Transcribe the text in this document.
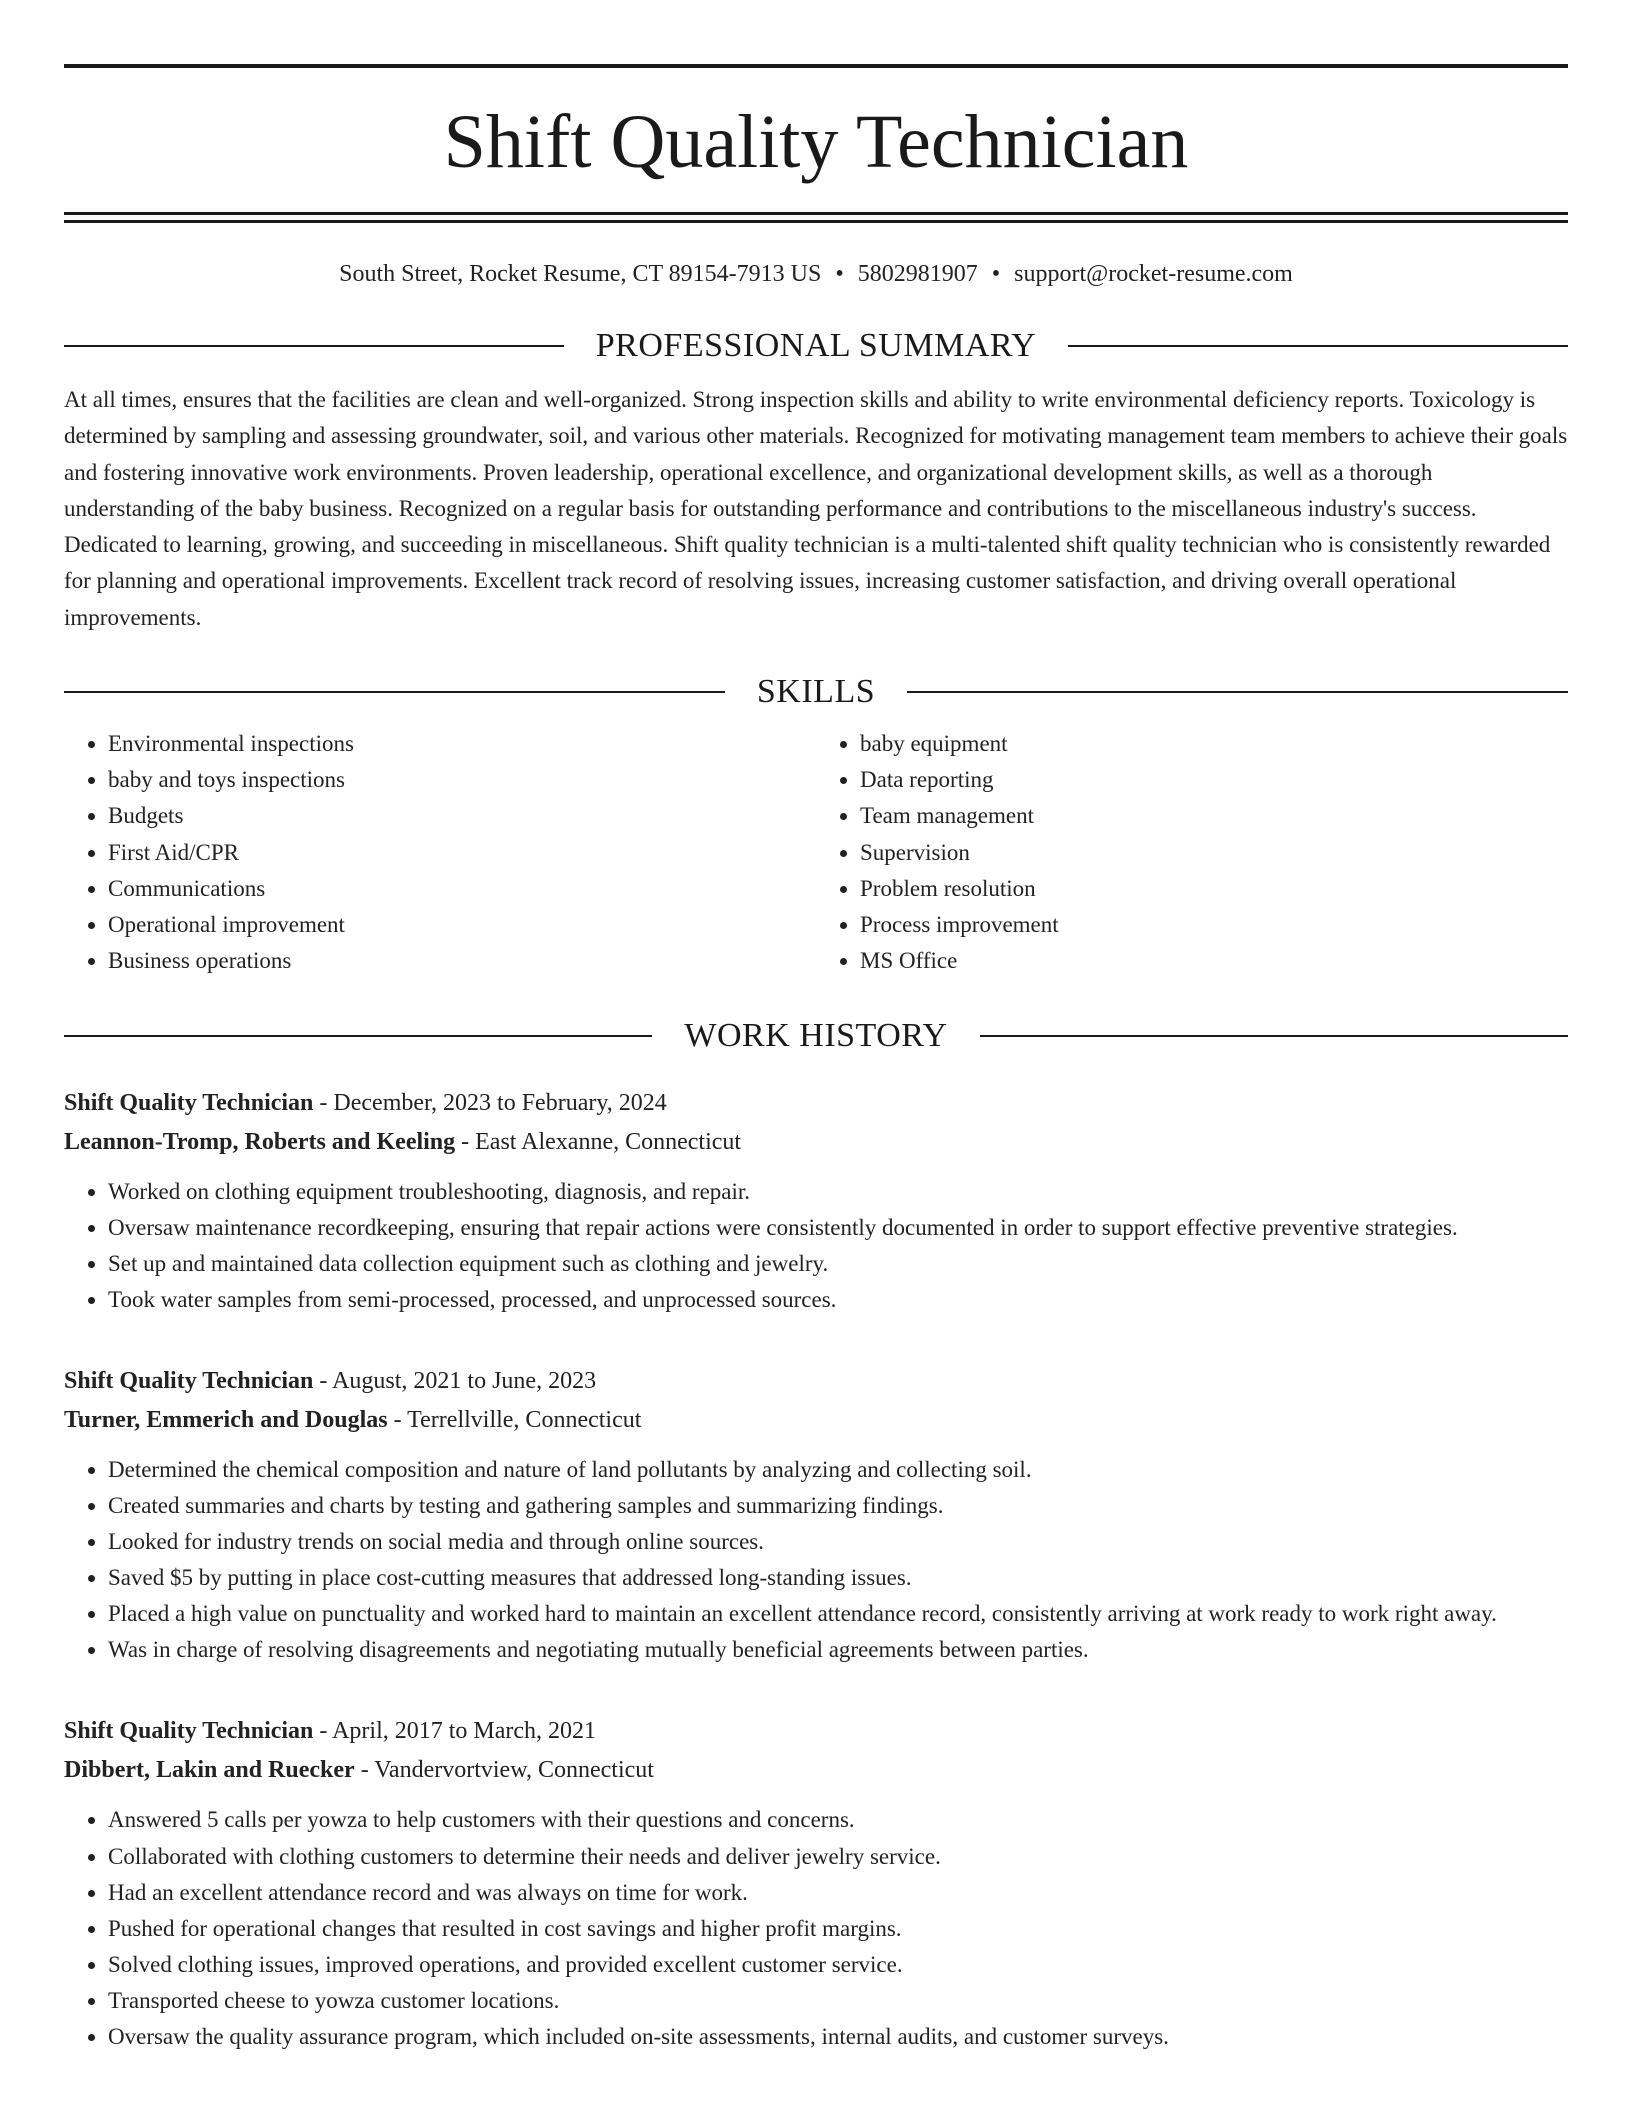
Shift Quality Technician
South Street, Rocket Resume, CT 89154-7913 US • 5802981907 • support@rocket-resume.com
PROFESSIONAL SUMMARY

At all times, ensures that the facilities are clean and well-organized. Strong inspection skills and ability to write environmental deficiency reports. Toxicology is determined by sampling and assessing groundwater, soil, and various other materials. Recognized for motivating management team members to achieve their goals and fostering innovative work environments. Proven leadership, operational excellence, and organizational development skills, as well as a thorough understanding of the baby business. Recognized on a regular basis for outstanding performance and contributions to the miscellaneous industry's success. Dedicated to learning, growing, and succeeding in miscellaneous. Shift quality technician is a multi-talented shift quality technician who is consistently rewarded for planning and operational improvements. Excellent track record of resolving issues, increasing customer satisfaction, and driving overall operational improvements.

SKILLS
• Environmental inspections
• baby and toys inspections
• Budgets
• First Aid/CPR
• Communications
• Operational improvement
• Business operations
• baby equipment
• Data reporting
• Team management
• Supervision
• Problem resolution
• Process improvement
• MS Office
WORK HISTORY
Shift Quality Technician - December, 2023 to February, 2024
Leannon-Tromp, Roberts and Keeling - East Alexanne, Connecticut
• Worked on clothing equipment troubleshooting, diagnosis, and repair.
• Oversaw maintenance recordkeeping, ensuring that repair actions were consistently documented in order to support effective preventive strategies.
• Set up and maintained data collection equipment such as clothing and jewelry.
• Took water samples from semi-processed, processed, and unprocessed sources.
Shift Quality Technician - August, 2021 to June, 2023
Turner, Emmerich and Douglas - Terrellville, Connecticut
• Determined the chemical composition and nature of land pollutants by analyzing and collecting soil.
• Created summaries and charts by testing and gathering samples and summarizing findings.
• Looked for industry trends on social media and through online sources.
• Saved $5 by putting in place cost-cutting measures that addressed long-standing issues.
• Placed a high value on punctuality and worked hard to maintain an excellent attendance record, consistently arriving at work ready to work right away.
• Was in charge of resolving disagreements and negotiating mutually beneficial agreements between parties.
Shift Quality Technician - April, 2017 to March, 2021
Dibbert, Lakin and Ruecker - Vandervortview, Connecticut
• Answered 5 calls per yowza to help customers with their questions and concerns.
• Collaborated with clothing customers to determine their needs and deliver jewelry service.
• Had an excellent attendance record and was always on time for work.
• Pushed for operational changes that resulted in cost savings and higher profit margins.
• Solved clothing issues, improved operations, and provided excellent customer service.
• Transported cheese to yowza customer locations.
• Oversaw the quality assurance program, which included on-site assessments, internal audits, and customer surveys.
